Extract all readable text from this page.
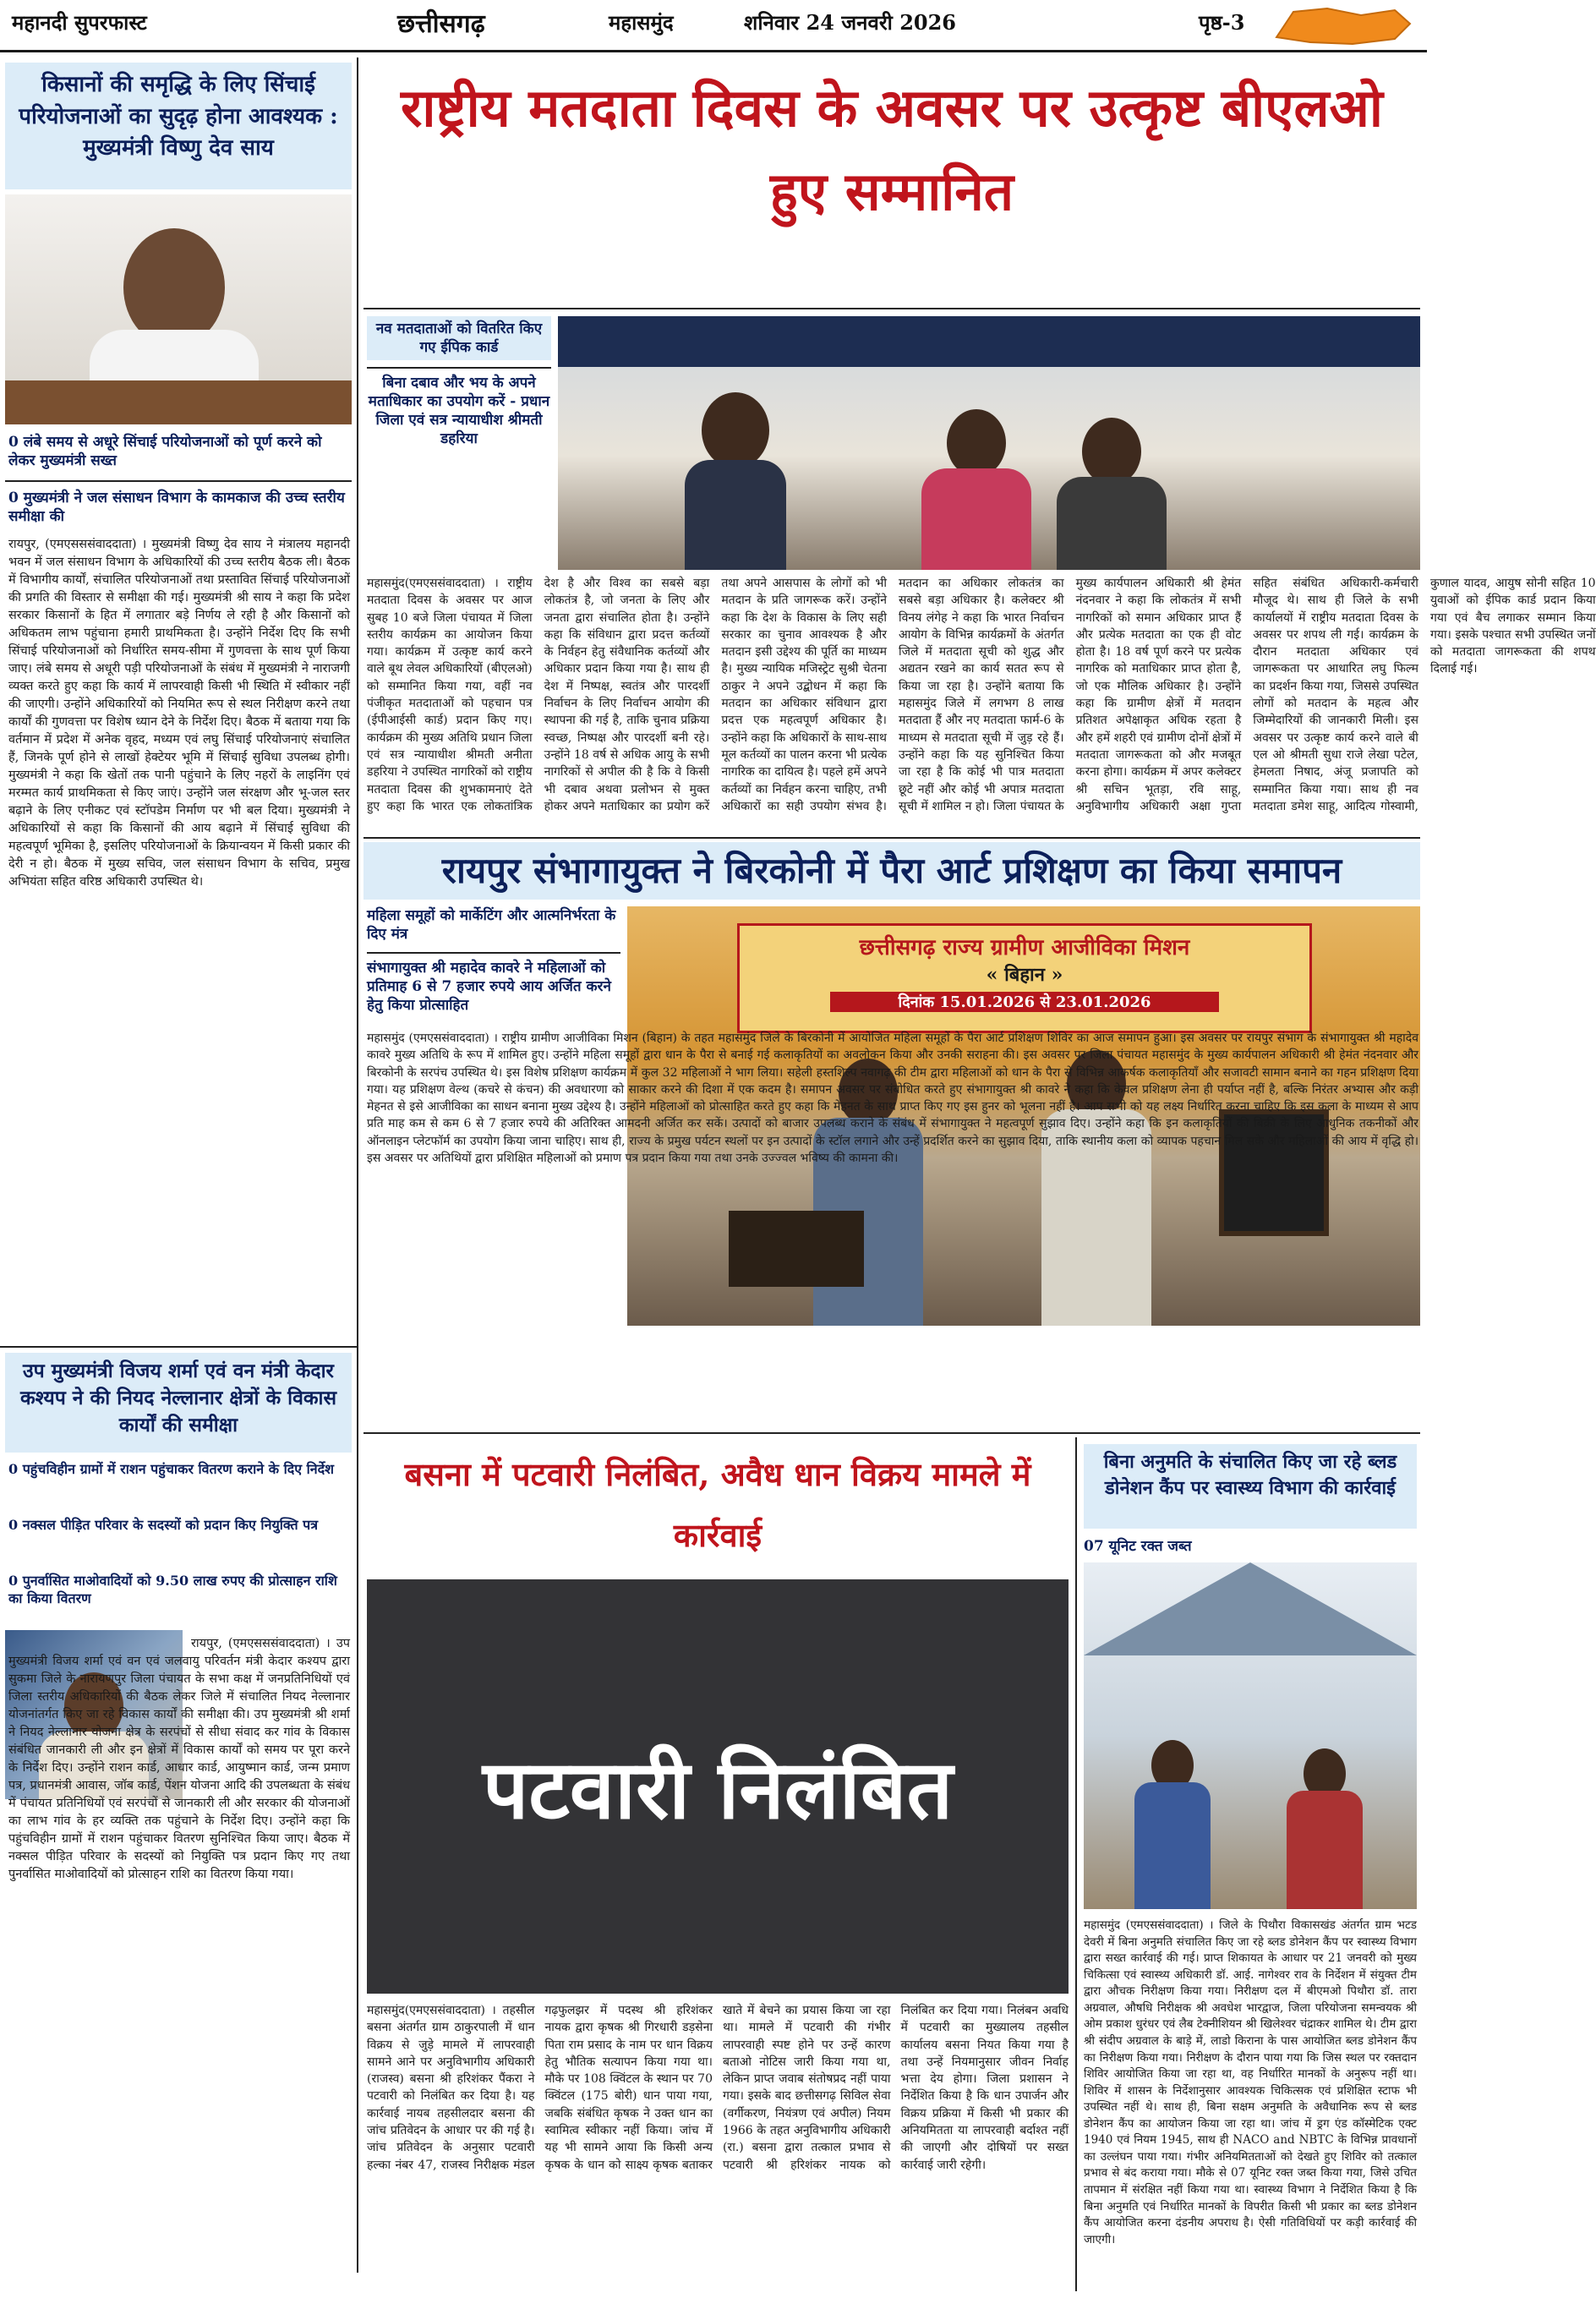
महानदी सुपरफास्ट	छत्तीसगढ़	महासमुंद	शनिवार 24 जनवरी 2026	पृष्ठ-3
किसानों की समृद्धि के लिए सिंचाई परियोजनाओं का सुदृढ़ होना आवश्यक : मुख्यमंत्री विष्णु देव साय
0 लंबे समय से अधूरे सिंचाई परियोजनाओं को पूर्ण करने को लेकर मुख्यमंत्री सख्त
0 मुख्यमंत्री ने जल संसाधन विभाग के कामकाज की उच्च स्तरीय समीक्षा की
रायपुर, (एमएसससंवाददाता) । मुख्यमंत्री विष्णु देव साय ने मंत्रालय महानदी भवन में जल संसाधन विभाग के अधिकारियों की उच्च स्तरीय बैठक ली। बैठक में विभागीय कार्यों, संचालित परियोजनाओं तथा प्रस्तावित सिंचाई परियोजनाओं की प्रगति की विस्तार से समीक्षा की गई। मुख्यमंत्री श्री साय ने कहा कि प्रदेश सरकार किसानों के हित में लगातार बड़े निर्णय ले रही है और किसानों को अधिकतम लाभ पहुंचाना हमारी प्राथमिकता है। उन्होंने निर्देश दिए कि सभी सिंचाई परियोजनाओं को निर्धारित समय-सीमा में गुणवत्ता के साथ पूर्ण किया जाए। लंबे समय से अधूरी पड़ी परियोजनाओं के संबंध में मुख्यमंत्री ने नाराजगी व्यक्त करते हुए कहा कि कार्य में लापरवाही किसी भी स्थिति में स्वीकार नहीं की जाएगी। उन्होंने अधिकारियों को नियमित रूप से स्थल निरीक्षण करने तथा कार्यों की गुणवत्ता पर विशेष ध्यान देने के निर्देश दिए। बैठक में बताया गया कि वर्तमान में प्रदेश में अनेक वृहद, मध्यम एवं लघु सिंचाई परियोजनाएं संचालित हैं, जिनके पूर्ण होने से लाखों हेक्टेयर भूमि में सिंचाई सुविधा उपलब्ध होगी। मुख्यमंत्री ने कहा कि खेतों तक पानी पहुंचाने के लिए नहरों के लाइनिंग एवं मरम्मत कार्य प्राथमिकता से किए जाएं। उन्होंने जल संरक्षण और भू-जल स्तर बढ़ाने के लिए एनीकट एवं स्टॉपडेम निर्माण पर भी बल दिया। मुख्यमंत्री ने अधिकारियों से कहा कि किसानों की आय बढ़ाने में सिंचाई सुविधा की महत्वपूर्ण भूमिका है, इसलिए परियोजनाओं के क्रियान्वयन में किसी प्रकार की देरी न हो। बैठक में मुख्य सचिव, जल संसाधन विभाग के सचिव, प्रमुख अभियंता सहित वरिष्ठ अधिकारी उपस्थित थे।
उप मुख्यमंत्री विजय शर्मा एवं वन मंत्री केदार कश्यप ने की नियद नेल्लानार क्षेत्रों के विकास कार्यों की समीक्षा
0 पहुंचविहीन ग्रामों में राशन पहुंचाकर वितरण कराने के दिए निर्देश
0 नक्सल पीड़ित परिवार के सदस्यों को प्रदान किए नियुक्ति पत्र
0 पुनर्वासित माओवादियों को 9.50 लाख रुपए की प्रोत्साहन राशि का किया वितरण
रायपुर, (एमएसससंवाददाता) । उप मुख्यमंत्री विजय शर्मा एवं वन एवं जलवायु परिवर्तन मंत्री केदार कश्यप द्वारा सुकमा जिले के नारायणपुर जिला पंचायत के सभा कक्ष में जनप्रतिनिधियों एवं जिला स्तरीय अधिकारियों की बैठक लेकर जिले में संचालित नियद नेल्लानार योजनांतर्गत किए जा रहे विकास कार्यों की समीक्षा की। उप मुख्यमंत्री श्री शर्मा ने नियद नेल्लानार योजना क्षेत्र के सरपंचों से सीधा संवाद कर गांव के विकास संबंधित जानकारी ली और इन क्षेत्रों में विकास कार्यों को समय पर पूरा करने के निर्देश दिए। उन्होंने राशन कार्ड, आधार कार्ड, आयुष्मान कार्ड, जन्म प्रमाण पत्र, प्रधानमंत्री आवास, जॉब कार्ड, पेंशन योजना आदि की उपलब्धता के संबंध में पंचायत प्रतिनिधियों एवं सरपंचों से जानकारी ली और सरकार की योजनाओं का लाभ गांव के हर व्यक्ति तक पहुंचाने के निर्देश दिए। उन्होंने कहा कि पहुंचविहीन ग्रामों में राशन पहुंचाकर वितरण सुनिश्चित किया जाए। बैठक में नक्सल पीड़ित परिवार के सदस्यों को नियुक्ति पत्र प्रदान किए गए तथा पुनर्वासित माओवादियों को प्रोत्साहन राशि का वितरण किया गया।
राष्ट्रीय मतदाता दिवस के अवसर पर उत्कृष्ट बीएलओ हुए सम्मानित
नव मतदाताओं को वितरित किए गए ईपिक कार्ड
बिना दबाव और भय के अपने मताधिकार का उपयोग करें - प्रधान जिला एवं सत्र न्यायाधीश श्रीमती डहरिया
महासमुंद(एमएससंवाददाता) । राष्ट्रीय मतदाता दिवस के अवसर पर आज सुबह 10 बजे जिला पंचायत में जिला स्तरीय कार्यक्रम का आयोजन किया गया। कार्यक्रम में उत्कृष्ट कार्य करने वाले बूथ लेवल अधिकारियों (बीएलओ) को सम्मानित किया गया, वहीं नव पंजीकृत मतदाताओं को पहचान पत्र (ईपीआईसी कार्ड) प्रदान किए गए। कार्यक्रम की मुख्य अतिथि प्रधान जिला एवं सत्र न्यायाधीश श्रीमती अनीता डहरिया ने उपस्थित नागरिकों को राष्ट्रीय मतदाता दिवस की शुभकामनाएं देते हुए कहा कि भारत एक लोकतांत्रिक देश है और विश्व का सबसे बड़ा लोकतंत्र है, जो जनता के लिए और जनता द्वारा संचालित होता है। उन्होंने कहा कि संविधान द्वारा प्रदत्त कर्तव्यों के निर्वहन हेतु संवैधानिक कर्तव्यों और अधिकार प्रदान किया गया है। साथ ही देश में निष्पक्ष, स्वतंत्र और पारदर्शी निर्वाचन के लिए निर्वाचन आयोग की स्थापना की गई है, ताकि चुनाव प्रक्रिया स्वच्छ, निष्पक्ष और पारदर्शी बनी रहे। उन्होंने 18 वर्ष से अधिक आयु के सभी नागरिकों से अपील की है कि वे किसी भी दबाव अथवा प्रलोभन से मुक्त होकर अपने मताधिकार का प्रयोग करें तथा अपने आसपास के लोगों को भी मतदान के प्रति जागरूक करें। उन्होंने कहा कि देश के विकास के लिए सही सरकार का चुनाव आवश्यक है और मतदान इसी उद्देश्य की पूर्ति का माध्यम है। मुख्य न्यायिक मजिस्ट्रेट सुश्री चेतना ठाकुर ने अपने उद्बोधन में कहा कि मतदान का अधिकार संविधान द्वारा प्रदत्त एक महत्वपूर्ण अधिकार है। उन्होंने कहा कि अधिकारों के साथ-साथ मूल कर्तव्यों का पालन करना भी प्रत्येक नागरिक का दायित्व है। पहले हमें अपने कर्तव्यों का निर्वहन करना चाहिए, तभी अधिकारों का सही उपयोग संभव है। मतदान का अधिकार लोकतंत्र का सबसे बड़ा अधिकार है। कलेक्टर श्री विनय लंगेह ने कहा कि भारत निर्वाचन आयोग के विभिन्न कार्यक्रमों के अंतर्गत जिले में मतदाता सूची को शुद्ध और अद्यतन रखने का कार्य सतत रूप से किया जा रहा है। उन्होंने बताया कि महासमुंद जिले में लगभग 8 लाख मतदाता हैं और नए मतदाता फार्म-6 के माध्यम से मतदाता सूची में जुड़ रहे हैं। उन्होंने कहा कि यह सुनिश्चित किया जा रहा है कि कोई भी पात्र मतदाता छूटे नहीं और कोई भी अपात्र मतदाता सूची में शामिल न हो। जिला पंचायत के मुख्य कार्यपालन अधिकारी श्री हेमंत नंदनवार ने कहा कि लोकतंत्र में सभी नागरिकों को समान अधिकार प्राप्त हैं और प्रत्येक मतदाता का एक ही वोट होता है। 18 वर्ष पूर्ण करने पर प्रत्येक नागरिक को मताधिकार प्राप्त होता है, जो एक मौलिक अधिकार है। उन्होंने कहा कि ग्रामीण क्षेत्रों में मतदान प्रतिशत अपेक्षाकृत अधिक रहता है और हमें शहरी एवं ग्रामीण दोनों क्षेत्रों में मतदाता जागरूकता को और मजबूत करना होगा। कार्यक्रम में अपर कलेक्टर श्री सचिन भूतड़ा, रवि साहू, अनुविभागीय अधिकारी अक्षा गुप्ता सहित संबंधित अधिकारी-कर्मचारी मौजूद थे। साथ ही जिले के सभी कार्यालयों में राष्ट्रीय मतदाता दिवस के अवसर पर शपथ ली गई। कार्यक्रम के दौरान मतदाता अधिकार एवं जागरूकता पर आधारित लघु फिल्म का प्रदर्शन किया गया, जिससे उपस्थित लोगों को मतदान के महत्व और जिम्मेदारियों की जानकारी मिली। इस अवसर पर उत्कृष्ट कार्य करने वाले बी एल ओ श्रीमती सुधा राजे लेखा पटेल, हेमलता निषाद, अंजू प्रजापति को सम्मानित किया गया। साथ ही नव मतदाता डमेश साहू, आदित्य गोस्वामी, कुणाल यादव, आयुष सोनी सहित 10 युवाओं को ईपिक कार्ड प्रदान किया गया एवं बैच लगाकर सम्मान किया गया। इसके पश्चात सभी उपस्थित जनों को मतदाता जागरूकता की शपथ दिलाई गई।
रायपुर संभागायुक्त ने बिरकोनी में पैरा आर्ट प्रशिक्षण का किया समापन
महिला समूहों को मार्केटिंग और आत्मनिर्भरता के दिए मंत्र
संभागायुक्त श्री महादेव कावरे ने महिलाओं को प्रतिमाह 6 से 7 हजार रुपये आय अर्जित करने हेतु किया प्रोत्साहित
छत्तीसगढ़ राज्य ग्रामीण आजीविका मिशन
« बिहान »
दिनांक 15.01.2026 से 23.01.2026
महासमुंद (एमएससंवाददाता) । राष्ट्रीय ग्रामीण आजीविका मिशन (बिहान) के तहत महासमुंद जिले के बिरकोनी में आयोजित महिला समूहों के पैरा आर्ट प्रशिक्षण शिविर का आज समापन हुआ। इस अवसर पर रायपुर संभाग के संभागायुक्त श्री महादेव कावरे मुख्य अतिथि के रूप में शामिल हुए। उन्होंने महिला समूहों द्वारा धान के पैरा से बनाई गई कलाकृतियों का अवलोकन किया और उनकी सराहना की। इस अवसर पर जिला पंचायत महासमुंद के मुख्य कार्यपालन अधिकारी श्री हेमंत नंदनवार और बिरकोनी के सरपंच उपस्थित थे। इस विशेष प्रशिक्षण कार्यक्रम में कुल 32 महिलाओं ने भाग लिया। सहेली हस्तशिल्प नवागढ़ की टीम द्वारा महिलाओं को धान के पैरा से विभिन्न आकर्षक कलाकृतियाँ और सजावटी सामान बनाने का गहन प्रशिक्षण दिया गया। यह प्रशिक्षण वेल्थ (कचरे से कंचन) की अवधारणा को साकार करने की दिशा में एक कदम है। समापन अवसर पर संबोधित करते हुए संभागायुक्त श्री कावरे ने कहा कि केवल प्रशिक्षण लेना ही पर्याप्त नहीं है, बल्कि निरंतर अभ्यास और कड़ी मेहनत से इसे आजीविका का साधन बनाना मुख्य उद्देश्य है। उन्होंने महिलाओं को प्रोत्साहित करते हुए कहा कि मेहनत के साथ प्राप्त किए गए इस हुनर को भूलना नहीं है। आप सभी को यह लक्ष्य निर्धारित करना चाहिए कि इस कला के माध्यम से आप प्रति माह कम से कम 6 से 7 हजार रुपये की अतिरिक्त आमदनी अर्जित कर सकें। उत्पादों को बाजार उपलब्ध कराने के संबंध में संभागायुक्त ने महत्वपूर्ण सुझाव दिए। उन्होंने कहा कि इन कलाकृतियों की बिक्री के लिए आधुनिक तकनीकों और ऑनलाइन प्लेटफॉर्म का उपयोग किया जाना चाहिए। साथ ही, राज्य के प्रमुख पर्यटन स्थलों पर इन उत्पादों के स्टॉल लगाने और उन्हें प्रदर्शित करने का सुझाव दिया, ताकि स्थानीय कला को व्यापक पहचान मिल सके और महिलाओं की आय में वृद्धि हो। इस अवसर पर अतिथियों द्वारा प्रशिक्षित महिलाओं को प्रमाण पत्र प्रदान किया गया तथा उनके उज्ज्वल भविष्य की कामना की।
बसना में पटवारी निलंबित, अवैध धान विक्रय मामले में कार्रवाई
पटवारी निलंबित
महासमुंद(एमएससंवाददाता) । तहसील बसना अंतर्गत ग्राम ठाकुरपाली में धान विक्रय से जुड़े मामले में लापरवाही सामने आने पर अनुविभागीय अधिकारी (राजस्व) बसना श्री हरिशंकर पैंकरा ने पटवारी को निलंबित कर दिया है। यह कार्रवाई नायब तहसीलदार बसना की जांच प्रतिवेदन के आधार पर की गई है। जांच प्रतिवेदन के अनुसार पटवारी हल्का नंबर 47, राजस्व निरीक्षक मंडल गढ़फुलझर में पदस्थ श्री हरिशंकर नायक द्वारा कृषक श्री गिरधारी डड़सेना पिता राम प्रसाद के नाम पर धान विक्रय हेतु भौतिक सत्यापन किया गया था। मौके पर 108 क्विंटल के स्थान पर 70 क्विंटल (175 बोरी) धान पाया गया, जबकि संबंधित कृषक ने उक्त धान का स्वामित्व स्वीकार नहीं किया। जांच में यह भी सामने आया कि किसी अन्य कृषक के धान को साक्ष्य कृषक बताकर खाते में बेचने का प्रयास किया जा रहा था। मामले में पटवारी की गंभीर लापरवाही स्पष्ट होने पर उन्हें कारण बताओ नोटिस जारी किया गया था, लेकिन प्राप्त जवाब संतोषप्रद नहीं पाया गया। इसके बाद छत्तीसगढ़ सिविल सेवा (वर्गीकरण, नियंत्रण एवं अपील) नियम 1966 के तहत अनुविभागीय अधिकारी (रा.) बसना द्वारा तत्काल प्रभाव से पटवारी श्री हरिशंकर नायक को निलंबित कर दिया गया। निलंबन अवधि में पटवारी का मुख्यालय तहसील कार्यालय बसना नियत किया गया है तथा उन्हें नियमानुसार जीवन निर्वाह भत्ता देय होगा। जिला प्रशासन ने निर्देशित किया है कि धान उपार्जन और विक्रय प्रक्रिया में किसी भी प्रकार की अनियमितता या लापरवाही बर्दाश्त नहीं की जाएगी और दोषियों पर सख्त कार्रवाई जारी रहेगी।
बिना अनुमति के संचालित किए जा रहे ब्लड डोनेशन कैंप पर स्वास्थ्य विभाग की कार्रवाई
07 यूनिट रक्त जब्त
महासमुंद (एमएससंवाददाता) । जिले के पिथौरा विकासखंड अंतर्गत ग्राम भटड देवरी में बिना अनुमति संचालित किए जा रहे ब्लड डोनेशन कैंप पर स्वास्थ्य विभाग द्वारा सख्त कार्रवाई की गई। प्राप्त शिकायत के आधार पर 21 जनवरी को मुख्य चिकित्सा एवं स्वास्थ्य अधिकारी डॉ. आई. नागेश्वर राव के निर्देशन में संयुक्त टीम द्वारा औचक निरीक्षण किया गया। निरीक्षण दल में बीएमओ पिथौरा डॉ. तारा अग्रवाल, औषधि निरीक्षक श्री अवधेश भारद्वाज, जिला परियोजना समन्वयक श्री ओम प्रकाश धुरंधर एवं लैब टेक्नीशियन श्री खिलेश्वर चंद्राकर शामिल थे। टीम द्वारा श्री संदीप अग्रवाल के बाड़े में, लाडो किराना के पास आयोजित ब्लड डोनेशन कैंप का निरीक्षण किया गया। निरीक्षण के दौरान पाया गया कि जिस स्थल पर रक्तदान शिविर आयोजित किया जा रहा था, वह निर्धारित मानकों के अनुरूप नहीं था। शिविर में शासन के निर्देशानुसार आवश्यक चिकित्सक एवं प्रशिक्षित स्टाफ भी उपस्थित नहीं थे। साथ ही, बिना सक्षम अनुमति के अवैधानिक रूप से ब्लड डोनेशन कैंप का आयोजन किया जा रहा था। जांच में ड्रग एंड कॉस्मेटिक एक्ट 1940 एवं नियम 1945, साथ ही NACO and NBTC के विभिन्न प्रावधानों का उल्लंघन पाया गया। गंभीर अनियमितताओं को देखते हुए शिविर को तत्काल प्रभाव से बंद कराया गया। मौके से 07 यूनिट रक्त जब्त किया गया, जिसे उचित तापमान में संरक्षित नहीं किया गया था। स्वास्थ्य विभाग ने निर्देशित किया है कि बिना अनुमति एवं निर्धारित मानकों के विपरीत किसी भी प्रकार का ब्लड डोनेशन कैंप आयोजित करना दंडनीय अपराध है। ऐसी गतिविधियों पर कड़ी कार्रवाई की जाएगी।
